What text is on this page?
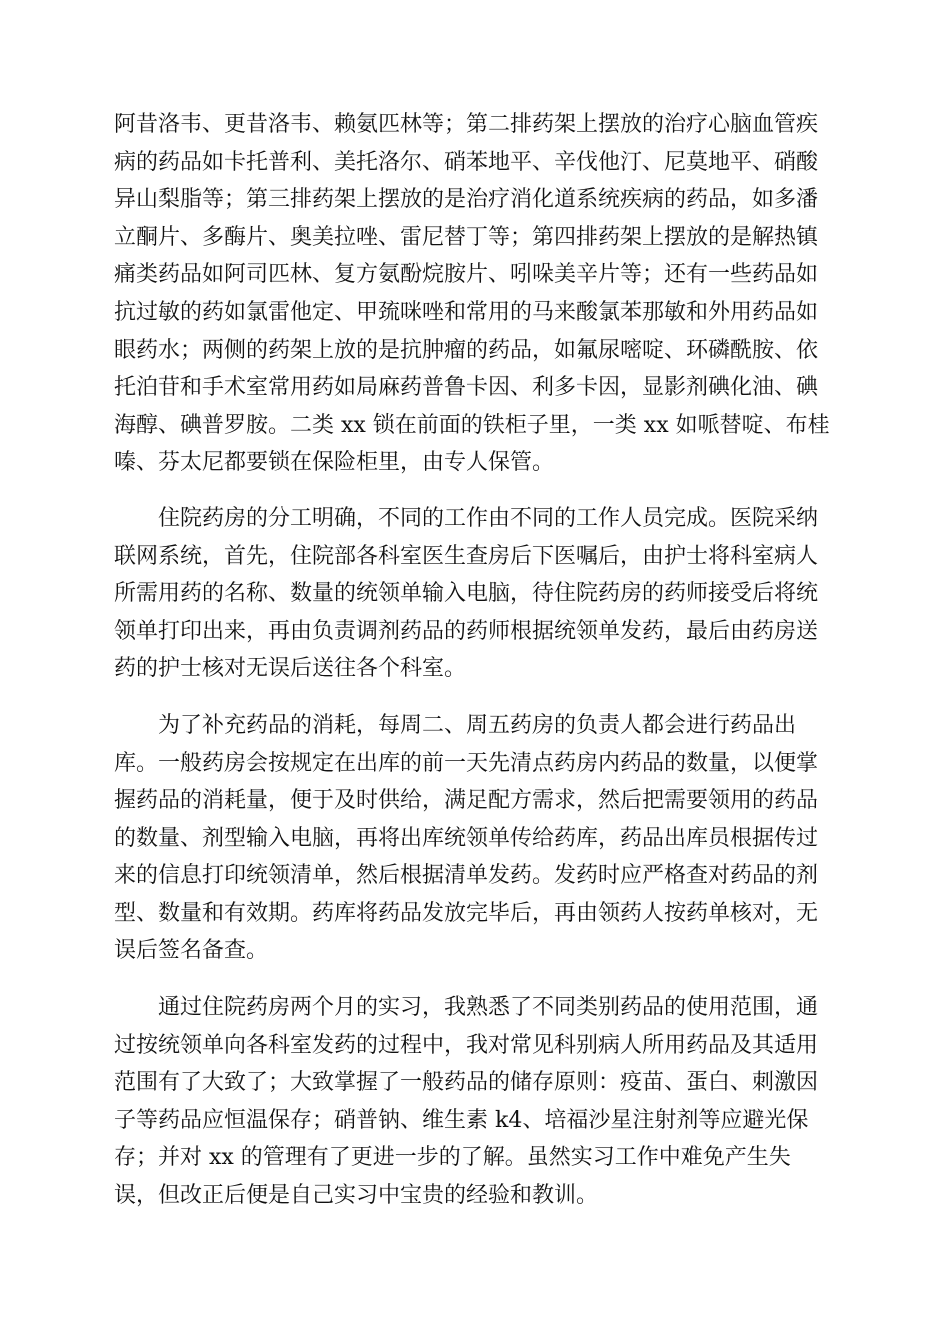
阿昔洛韦、更昔洛韦、赖氨匹林等；第二排药架上摆放的治疗心脑血管疾
病的药品如卡托普利、美托洛尔、硝苯地平、辛伐他汀、尼莫地平、硝酸
异山梨脂等；第三排药架上摆放的是治疗消化道系统疾病的药品，如多潘
立酮片、多酶片、奥美拉唑、雷尼替丁等；第四排药架上摆放的是解热镇
痛类药品如阿司匹林、复方氨酚烷胺片、吲哚美辛片等；还有一些药品如
抗过敏的药如氯雷他定、甲巯咪唑和常用的马来酸氯苯那敏和外用药品如
眼药水；两侧的药架上放的是抗肿瘤的药品，如氟尿嘧啶、环磷酰胺、依
托泊苷和手术室常用药如局麻药普鲁卡因、利多卡因，显影剂碘化油、碘
海醇、碘普罗胺。二类 xx 锁在前面的铁柜子里，一类 xx 如哌替啶、布桂
嗪、芬太尼都要锁在保险柜里，由专人保管。
住院药房的分工明确，不同的工作由不同的工作人员完成。医院采纳
联网系统，首先，住院部各科室医生查房后下医嘱后，由护士将科室病人
所需用药的名称、数量的统领单输入电脑，待住院药房的药师接受后将统
领单打印出来，再由负责调剂药品的药师根据统领单发药，最后由药房送
药的护士核对无误后送往各个科室。
为了补充药品的消耗，每周二、周五药房的负责人都会进行药品出
库。一般药房会按规定在出库的前一天先清点药房内药品的数量，以便掌
握药品的消耗量，便于及时供给，满足配方需求，然后把需要领用的药品
的数量、剂型输入电脑，再将出库统领单传给药库，药品出库员根据传过
来的信息打印统领清单，然后根据清单发药。发药时应严格查对药品的剂
型、数量和有效期。药库将药品发放完毕后，再由领药人按药单核对，无
误后签名备查。
通过住院药房两个月的实习，我熟悉了不同类别药品的使用范围，通
过按统领单向各科室发药的过程中，我对常见科别病人所用药品及其适用
范围有了大致了；大致掌握了一般药品的储存原则：疫苗、蛋白、刺激因
子等药品应恒温保存；硝普钠、维生素 k4、培福沙星注射剂等应避光保
存；并对 xx 的管理有了更进一步的了解。虽然实习工作中难免产生失
误，但改正后便是自己实习中宝贵的经验和教训。
